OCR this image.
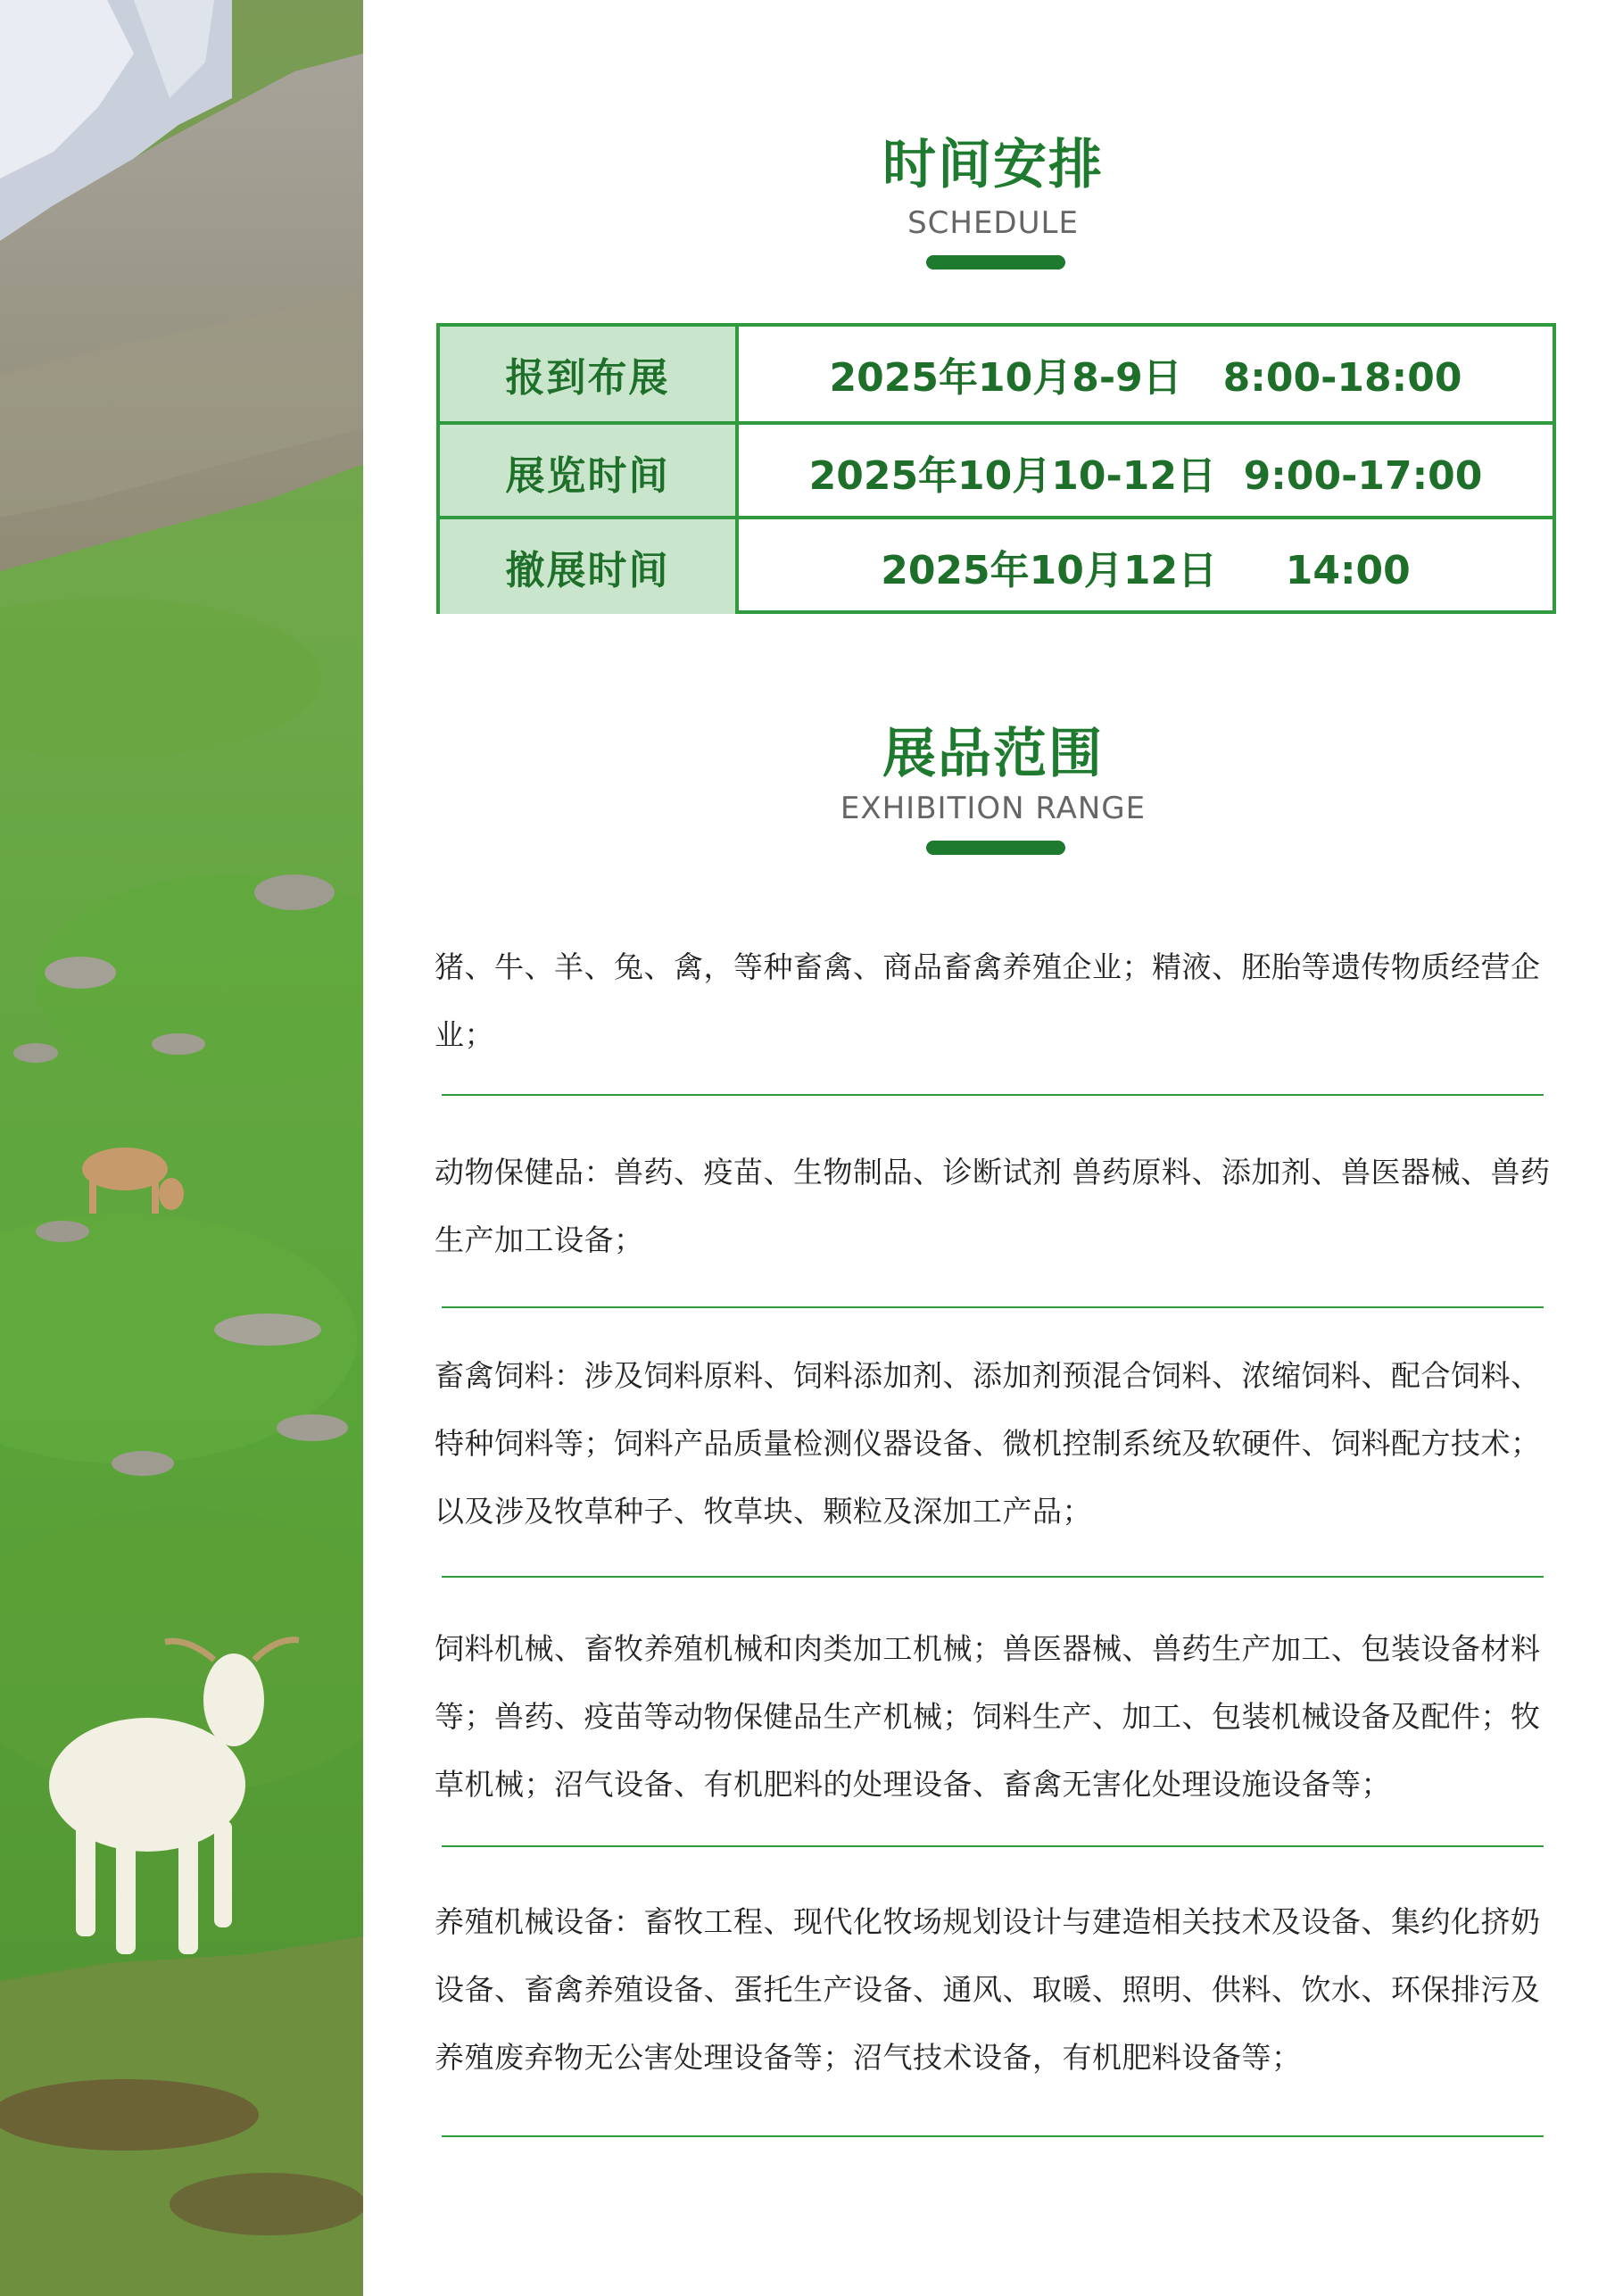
时间安排
SCHEDULE
报到布展	2025年10月8-9日   8:00-18:00
展览时间	2025年10月10-12日  9:00-17:00
撤展时间	2025年10月12日     14:00
展品范围
EXHIBITION RANGE
猪、牛、羊、兔、禽，等种畜禽、商品畜禽养殖企业；精液、胚胎等遗传物质经营企业；
动物保健品：兽药、疫苗、生物制品、诊断试剂 兽药原料、添加剂、兽医器械、兽药生产加工设备；
畜禽饲料：涉及饲料原料、饲料添加剂、添加剂预混合饲料、浓缩饲料、配合饲料、特种饲料等；饲料产品质量检测仪器设备、微机控制系统及软硬件、饲料配方技术；以及涉及牧草种子、牧草块、颗粒及深加工产品；
饲料机械、畜牧养殖机械和肉类加工机械；兽医器械、兽药生产加工、包装设备材料等；兽药、疫苗等动物保健品生产机械；饲料生产、加工、包装机械设备及配件；牧草机械；沼气设备、有机肥料的处理设备、畜禽无害化处理设施设备等；
养殖机械设备：畜牧工程、现代化牧场规划设计与建造相关技术及设备、集约化挤奶设备、畜禽养殖设备、蛋托生产设备、通风、取暖、照明、供料、饮水、环保排污及养殖废弃物无公害处理设备等；沼气技术设备，有机肥料设备等；
